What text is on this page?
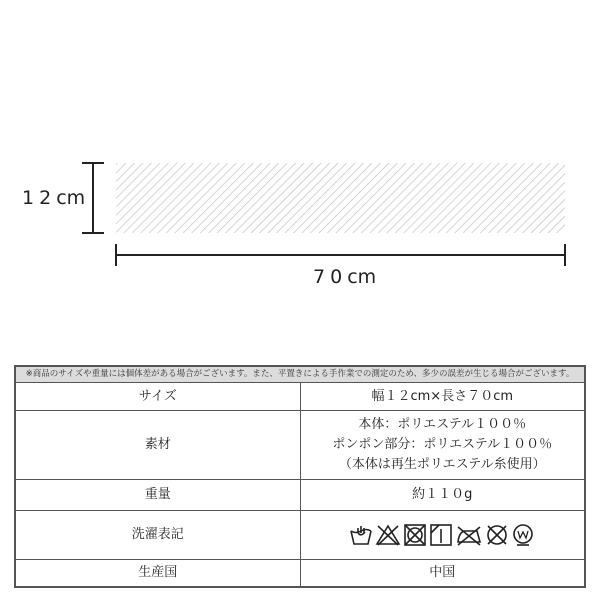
12cm
70cm
※商品のサイズや重量には個体差がある場合がございます。また、平置きによる手作業での測定のため、多少の誤差が生じる場合がございます。	
サイズ	幅１２cm×長さ７０cm
素材	本体：ポリエステル１００％
ポンポン部分：ポリエステル１００％
（本体は再生ポリエステル糸使用）

重量	約１１０g
洗濯表記	

生産国	中国
